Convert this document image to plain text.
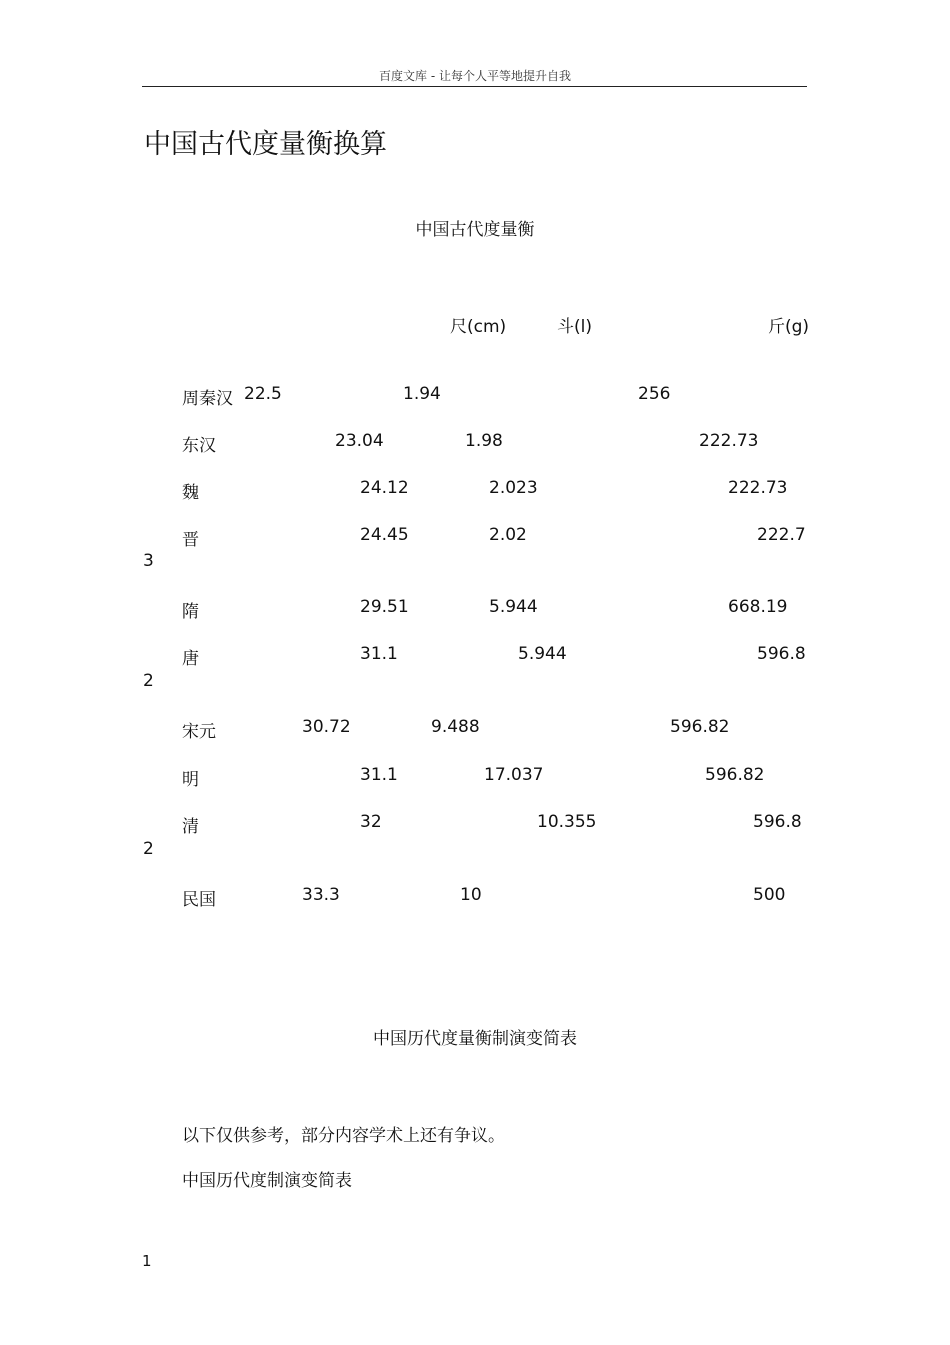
百度文库 - 让每个人平等地提升自我
中国古代度量衡换算
中国古代度量衡
尺(cm)	斗(l)	斤(g)
周秦汉 22.5	1.94	256
东汉	23.04	1.98	222.73
魏	24.12	2.023	222.73
晋	24.45	2.02	222.7
3
隋	29.51	5.944	668.19
唐	31.1	5.944	596.8
2
宋元	30.72	9.488	596.82
明	31.1	17.037	596.82
清	32	10.355	596.8
2
民国	33.3	10	500
中国历代度量衡制演变简表
以下仅供参考，部分内容学术上还有争议。
中国历代度制演变简表
1
